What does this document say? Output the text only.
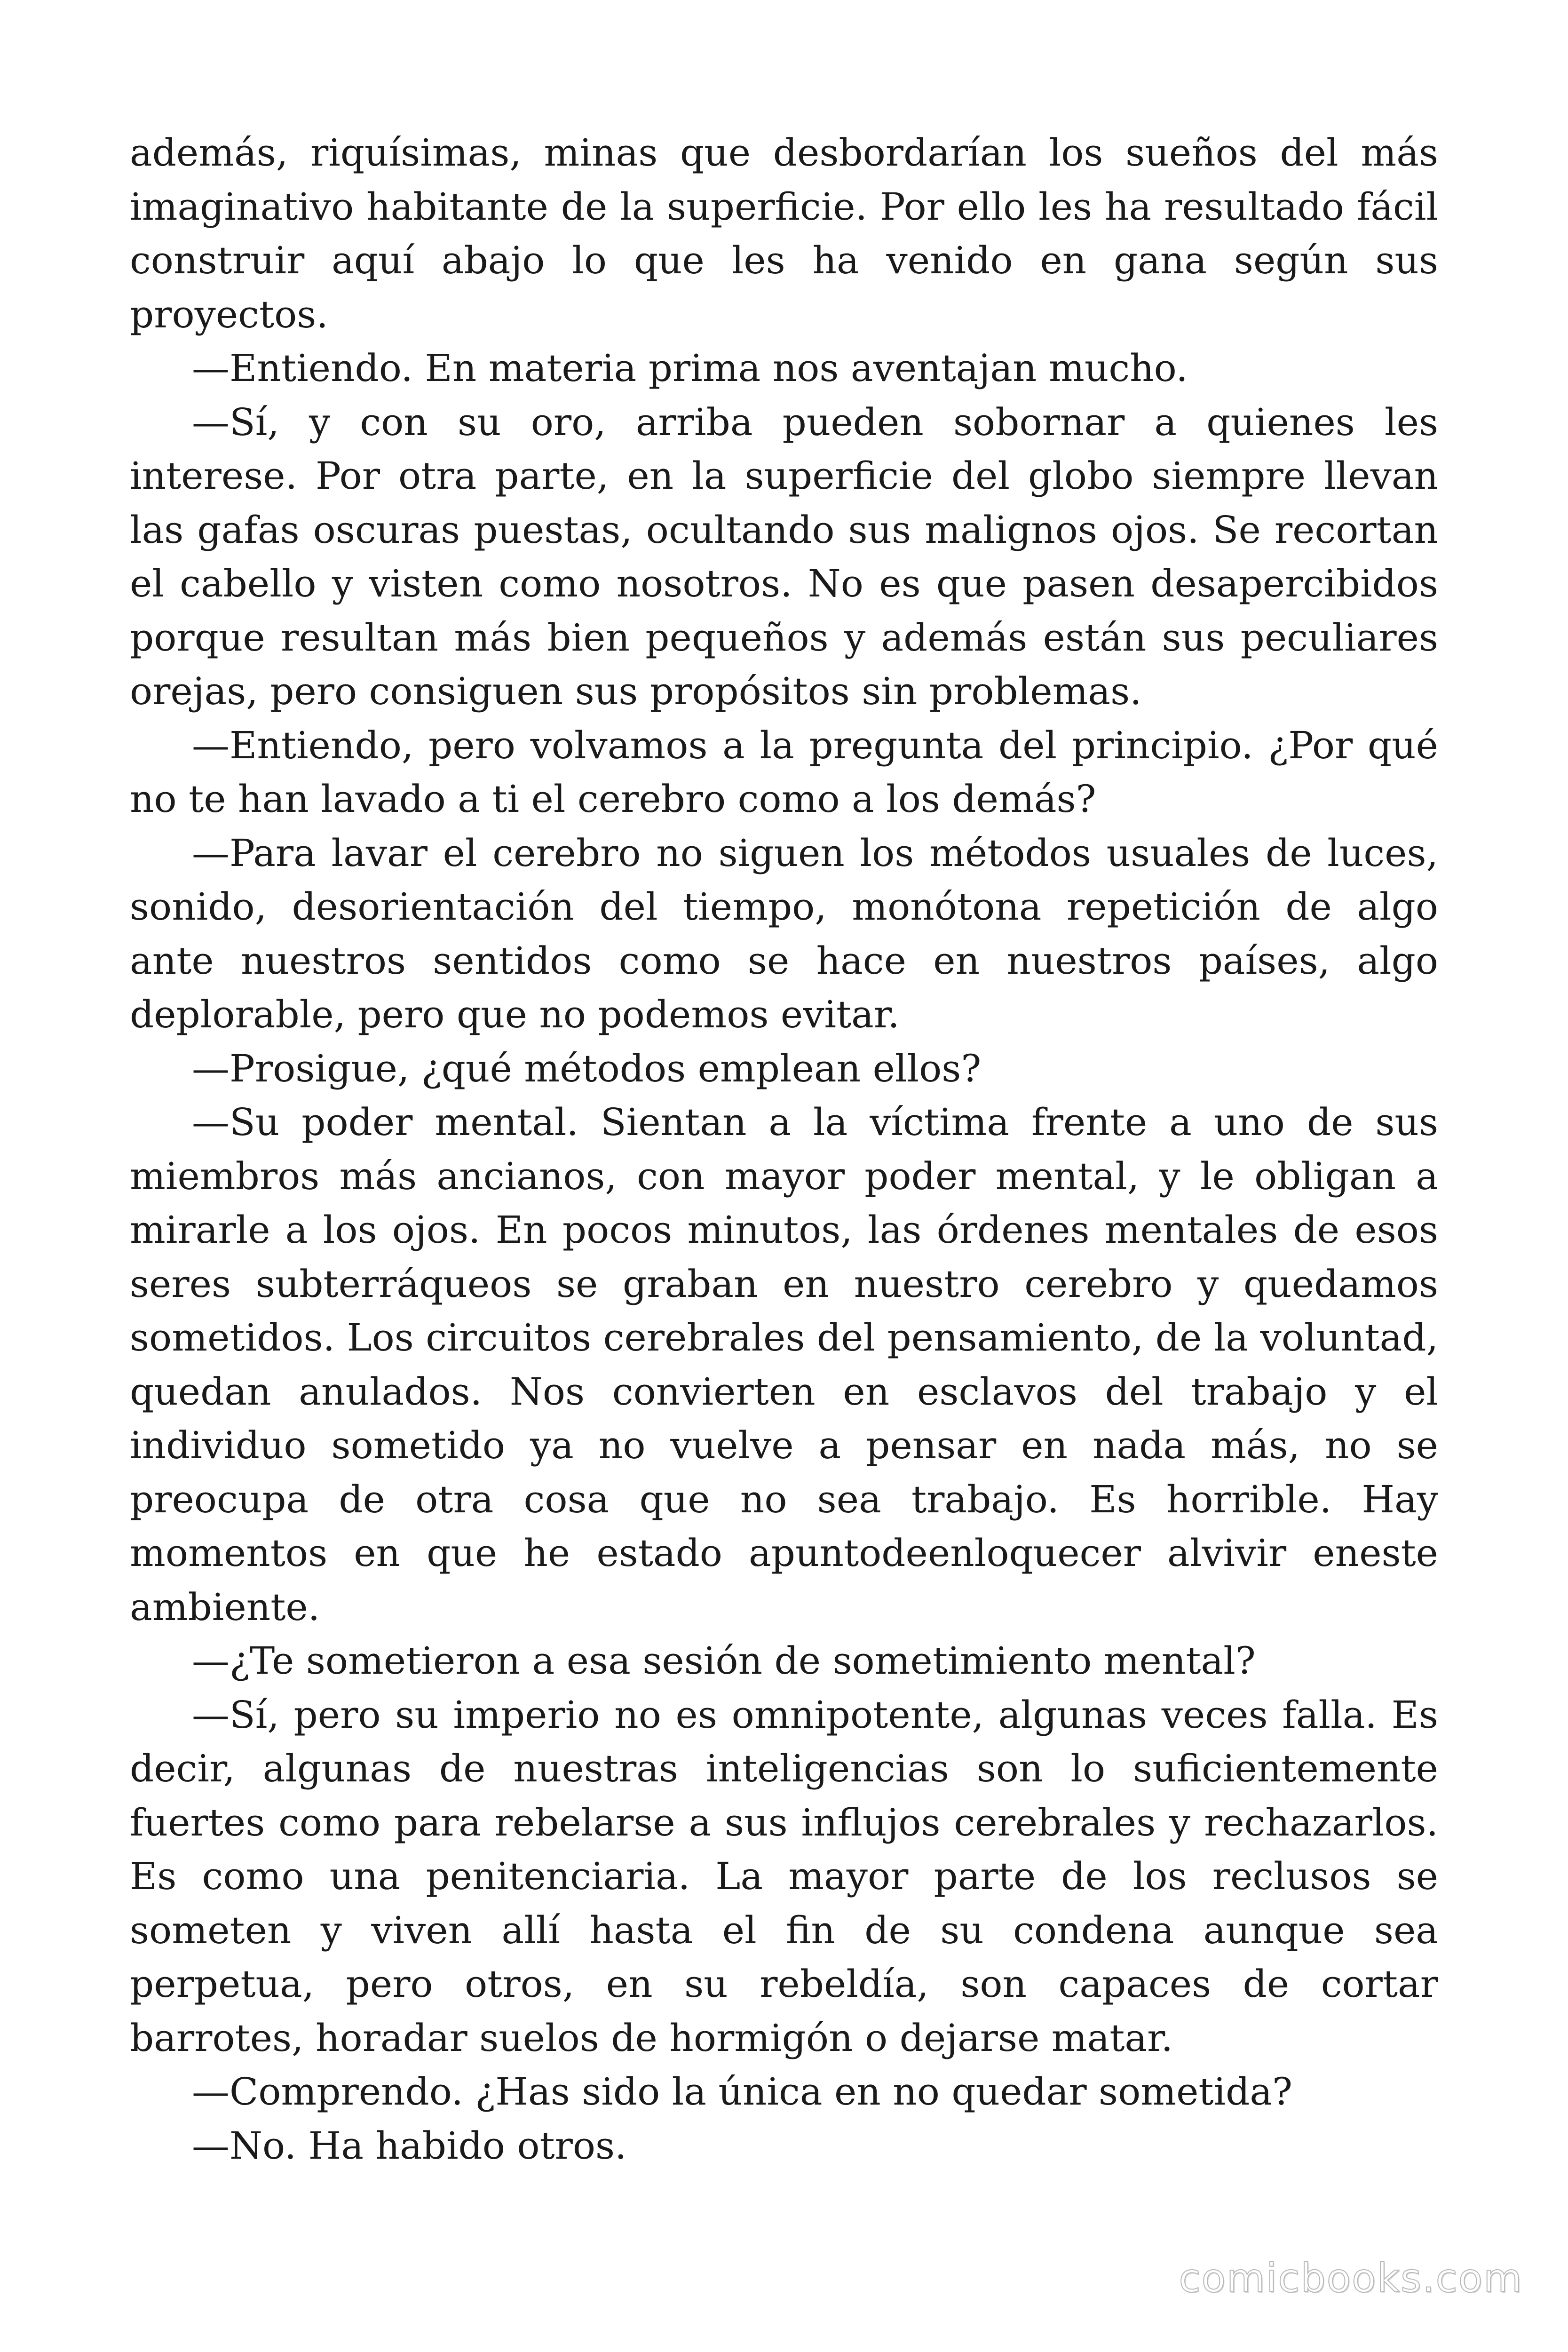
además, riquísimas, minas que desbordarían los sueños del más imaginativo habitante de la superficie. Por ello les ha resultado fácil construir aquí abajo lo que les ha venido en gana según sus proyectos.

—Entiendo. En materia prima nos aventajan mucho.

—Sí, y con su oro, arriba pueden sobornar a quienes les interese. Por otra parte, en la superficie del globo siempre llevan las gafas oscuras puestas, ocultando sus malignos ojos. Se recortan el cabello y visten como nosotros. No es que pasen desapercibidos porque resultan más bien pequeños y además están sus peculiares orejas, pero consiguen sus propósitos sin problemas.

—Entiendo, pero volvamos a la pregunta del principio. ¿Por qué no te han lavado a ti el cerebro como a los demás?

—Para lavar el cerebro no siguen los métodos usuales de luces, sonido, desorientación del tiempo, monótona repetición de algo ante nuestros sentidos como se hace en nuestros países, algo deplorable, pero que no podemos evitar.

—Prosigue, ¿qué métodos emplean ellos?

—Su poder mental. Sientan a la víctima frente a uno de sus miembros más ancianos, con mayor poder mental, y le obligan a mirarle a los ojos. En pocos minutos, las órdenes mentales de esos seres subterráqueos se graban en nuestro cerebro y quedamos sometidos. Los circuitos cerebrales del pensamiento, de la voluntad, quedan anulados. Nos convierten en esclavos del trabajo y el individuo sometido ya no vuelve a pensar en nada más, no se preocupa de otra cosa que no sea trabajo. Es horrible. Hay momentos en que he estado apuntodeenloquecer alvivir eneste ambiente.

—¿Te sometieron a esa sesión de sometimiento mental?

—Sí, pero su imperio no es omnipotente, algunas veces falla. Es decir, algunas de nuestras inteligencias son lo suficientemente fuertes como para rebelarse a sus influjos cerebrales y rechazarlos. Es como una penitenciaria. La mayor parte de los reclusos se someten y viven allí hasta el fin de su condena aunque sea perpetua, pero otros, en su rebeldía, son capaces de cortar barrotes, horadar suelos de hormigón o dejarse matar.

—Comprendo. ¿Has sido la única en no quedar sometida?

—No. Ha habido otros.

comicbooks.com
